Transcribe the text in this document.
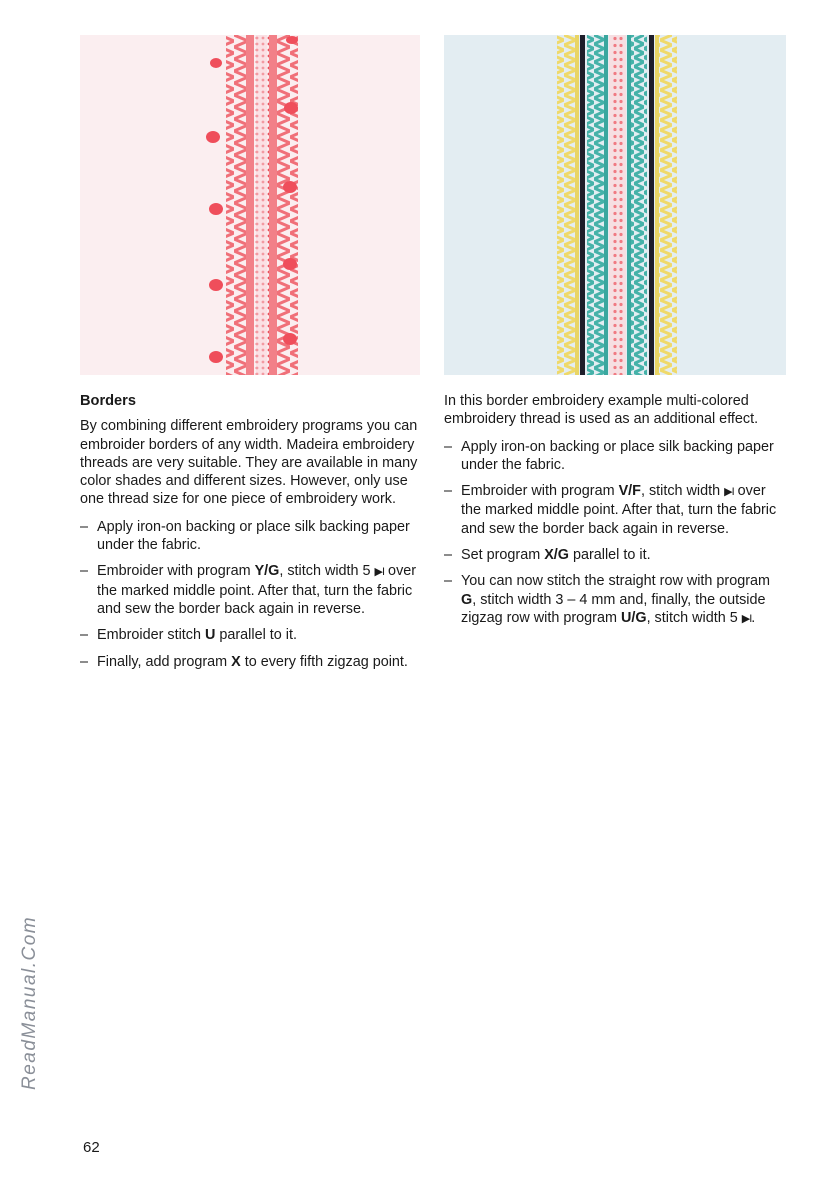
Borders

By combining different embroidery programs you can embroider borders of any width. Madeira embroidery threads are very suitable. They are available in many color shades and different sizes. However, only use one thread size for one piece of embroidery work.

– Apply iron-on backing or place silk backing paper under the fabric.
– Embroider with program Y/G, stitch width 5 ▶I over the marked middle point. After that, turn the fabric and sew the border back again in reverse.
– Embroider stitch U parallel to it.
– Finally, add program X to every fifth zigzag point.

In this border embroidery example multi-colored embroidery thread is used as an additional effect.

– Apply iron-on backing or place silk backing paper under the fabric.
– Embroider with program V/F, stitch width ▶I over the marked middle point. After that, turn the fabric and sew the border back again in reverse.
– Set program X/G parallel to it.
– You can now stitch the straight row with program G, stitch width 3 – 4 mm and, finally, the outside zigzag row with program U/G, stitch width 5 ▶I.
62
ReadManual.Com
